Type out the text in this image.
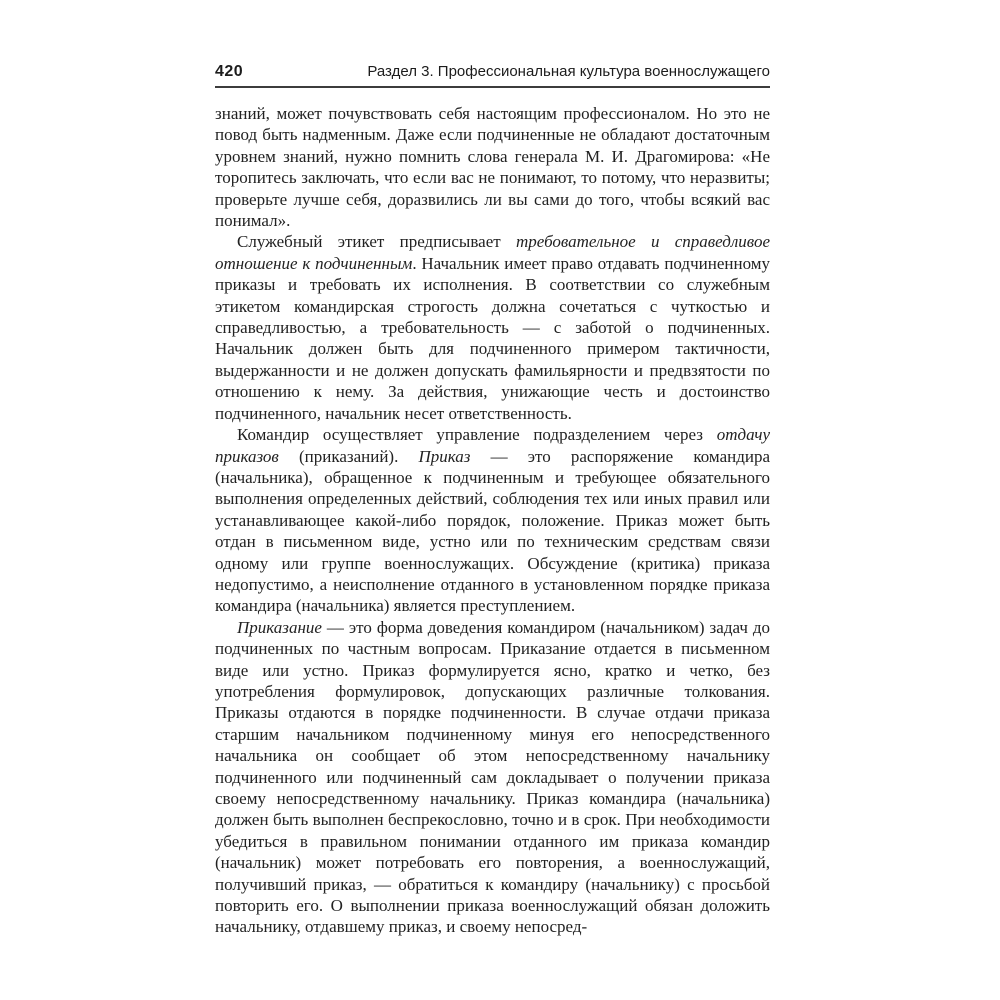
420	Раздел 3. Профессиональная культура военнослужащего

знаний, может почувствовать себя настоящим профессионалом. Но это не повод быть надменным. Даже если подчиненные не обладают достаточным уровнем знаний, нужно помнить слова генерала М. И. Драгомирова: «Не торопитесь заключать, что если вас не понимают, то потому, что неразвиты; проверьте лучше себя, доразвились ли вы сами до того, чтобы всякий вас понимал».

Служебный этикет предписывает требовательное и справедливое отношение к подчиненным. Начальник имеет право отдавать подчиненному приказы и требовать их исполнения. В соответствии со служебным этикетом командирская строгость должна сочетаться с чуткостью и справедливостью, а требовательность — с заботой о подчиненных. Начальник должен быть для подчиненного примером тактичности, выдержанности и не должен допускать фамильярности и предвзятости по отношению к нему. За действия, унижающие честь и достоинство подчиненного, начальник несет ответственность.

Командир осуществляет управление подразделением через отдачу приказов (приказаний). Приказ — это распоряжение командира (начальника), обращенное к подчиненным и требующее обязательного выполнения определенных действий, соблюдения тех или иных правил или устанавливающее какой-либо порядок, положение. Приказ может быть отдан в письменном виде, устно или по техническим средствам связи одному или группе военнослужащих. Обсуждение (критика) приказа недопустимо, а неисполнение отданного в установленном порядке приказа командира (начальника) является преступлением.

Приказание — это форма доведения командиром (начальником) задач до подчиненных по частным вопросам. Приказание отдается в письменном виде или устно. Приказ формулируется ясно, кратко и четко, без употребления формулировок, допускающих различные толкования. Приказы отдаются в порядке подчиненности. В случае отдачи приказа старшим начальником подчиненному минуя его непосредственного начальника он сообщает об этом непосредственному начальнику подчиненного или подчиненный сам докладывает о получении приказа своему непосредственному начальнику. Приказ командира (начальника) должен быть выполнен беспрекословно, точно и в срок. При необходимости убедиться в правильном понимании отданного им приказа командир (начальник) может потребовать его повторения, а военнослужащий, получивший приказ, — обратиться к командиру (начальнику) с просьбой повторить его. О выполнении приказа военнослужащий обязан доложить начальнику, отдавшему приказ, и своему непосред-
